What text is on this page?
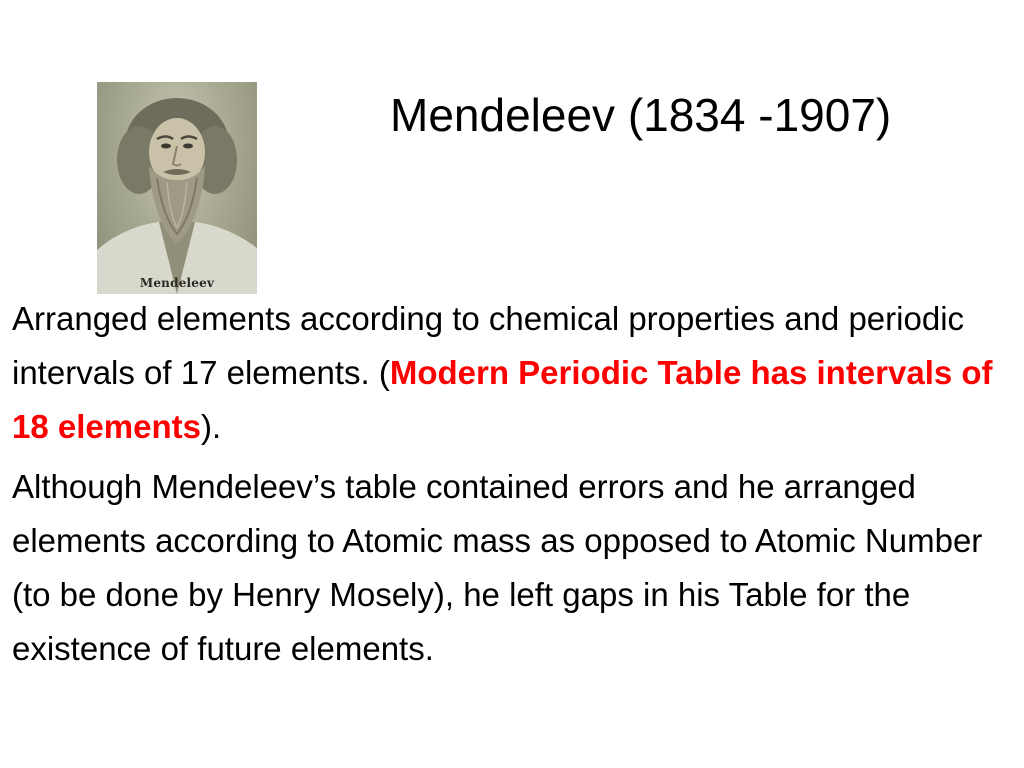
Mendeleev
Mendeleev (1834 -1907)

Arranged elements according to chemical properties and periodic intervals of 17 elements. (Modern Periodic Table has intervals of 18 elements).

Although Mendeleev’s table contained errors and he arranged elements according to Atomic mass as opposed to Atomic Number (to be done by Henry Mosely), he left gaps in his Table for the existence of future elements.
